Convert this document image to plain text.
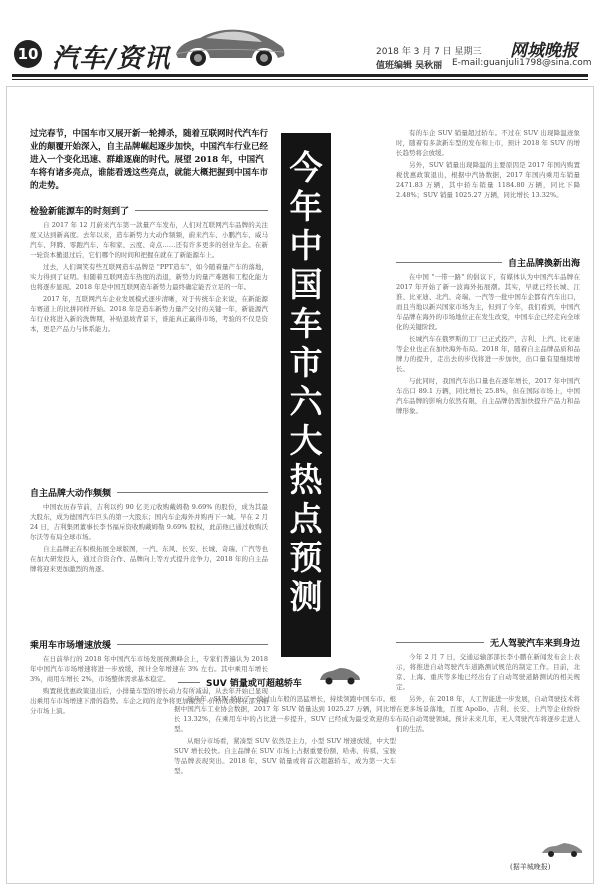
10 汽车/资讯	2018 年 3 月 7 日 星期三
值班编辑 吴秋丽 E-mail:guanjuli1798@sina.com
网城晚报
过完春节，中国车市又展开新一轮搏杀，随着互联网时代汽车行业的颠覆开始深入，自主品牌崛起逐步加快，中国汽车行业已经进入一个变化迅速、群雄逐鹿的时代。展望 2018 年，中国汽车将有诸多亮点，谁能看透这些亮点，就能大概把握到中国车市的走势。
检验新能源车的时刻到了

自 2017 年 12 月蔚来汽车第一款量产车发布，人们对互联网汽车品牌的关注度又达到新高度。去年以来，造车新势力大动作频频，蔚来汽车、小鹏汽车、威马汽车、拜腾、零跑汽车、车和家、云度、奇点……还有许多更多的创业车企。在新一轮资本撤退过后，它们哪个的时间和把握在就在了新能源车上。

过去，人们调笑有些互联网造车品牌是 "PPT造车"，如今随着量产车的落地，实力得到了证明。但随着互联网造车热度的消退，新势力的量产难题和工程化能力也将逐步显现。2018 年是中国互联网造车新势力最终确定能否立足的一年。

2017 年，互联网汽车企业发展模式逐步清晰，对于传统车企来说，在新能源车赛道上的比拼同样开始。2018 年是造车新势力量产交付的关键一年，新能源汽车行业将进入新的洗牌期，补贴退坡背景下，谁能真正赢得市场，考验的不仅是资本，更是产品力与体系能力。

自主品牌大动作频频

中国农历春节前，吉利以约 90 亿美元收购戴姆勒 9.69% 的股份，成为其最大股东，成为德国汽车巨头的第一大股东；国内车企海外并购再下一城。早在 2 月 24 日，吉利集团董事长李书福斥资收购戴姆勒 9.69% 股权，此前他已通过收购沃尔沃等布局全球市场。

自主品牌正在积极拓展全球版图，一汽、东风、长安、长城、奇瑞、广汽等也在加大研发投入，通过合资合作、品牌向上等方式提升竞争力，2018 年的自主品牌将迎来更加激烈的角逐。

乘用车市场增速放缓

在日前举行的 2018 年中国汽车市场发展预测峰会上，专家们普遍认为 2018 年中国汽车市场增速将进一步放缓，预计全年增速在 3% 左右。其中乘用车增长 3%，商用车增长 2%，市场整体需求基本稳定。

购置税优惠政策退出后，小排量车型的增长动力有所减弱，从去年开始已显现出乘用车市场增速下滑的趋势。车企之间的竞争将更加激烈，价格战或将在部分细分市场上演。

今
年
中
国
车
市
六
大
热
点
预
测
SUV 销量或可超越轿车

近几年，SUV 经历了一段过山车般的迅猛增长，持续领跑中国车市。根据中国汽车工业协会数据，2017 年 SUV 销量达到 1025.27 万辆，同比增长 13.32%，在乘用车中的占比进一步提升，SUV 已经成为最受欢迎的车型。

从细分市场看，紧凑型 SUV 依然是主力，小型 SUV 增速放缓，中大型 SUV 增长较快。自主品牌在 SUV 市场上占据重要份额，哈弗、传祺、宝骏等品牌表现突出。2018 年，SUV 销量或将首次超越轿车，成为第一大车型。

有的车企 SUV 销量超过轿车。不过在 SUV 出现降温迹象时，随着有多款新车型的发布和上市，预计 2018 年 SUV 的增长趋势将会放缓。

另外，SUV 销量出现降温的主要原因是 2017 年国内购置税优惠政策退出，根据中汽协数据，2017 年国内乘用车销量 2471.83 万辆，其中轿车销量 1184.80 万辆，同比下降 2.48%；SUV 销量 1025.27 万辆，同比增长 13.32%。

自主品牌換新出海

在中国 "一带一路" 的倡议下，有媒体认为中国汽车品牌在 2017 年开始了新一波海外拓展潮。其实，早就已经长城、江淮、比亚迪、北汽、奇瑞、一汽等一批中国车企都有汽车出口，而且当地以新兴国家市场为主，但到了今年，我们看到，中国汽车品牌在海外的市场地位正在发生改变，中国车企已经走向全球化的关键阶段。

长城汽车在俄罗斯的工厂已正式投产，吉利、上汽、比亚迪等企业也正在加快海外布局。2018 年，随着自主品牌品质和品牌力的提升，走出去的步伐将进一步加快，出口量有望继续增长。

与此同时，我国汽车出口量也在逐年增长，2017 年中国汽车出口 89.1 万辆，同比增长 25.8%，但在国际市场上，中国汽车品牌的影响力依然有限，自主品牌仍需加快提升产品力和品牌形象。

无人驾驶汽车来到身边

今年 2 月 7 日，交通运输部部长李小鹏在新闻发布会上表示，将推进自动驾驶汽车道路测试规范的制定工作。目前，北京、上海、重庆等多地已经出台了自动驾驶道路测试的相关规定。

另外，在 2018 年，人工智能进一步发展，自动驾驶技术将在更多场景落地，百度 Apollo、吉利、长安、上汽等企业纷纷布局自动驾驶领域。预计未来几年，无人驾驶汽车将逐步走进人们的生活。

(据羊城晚报)
